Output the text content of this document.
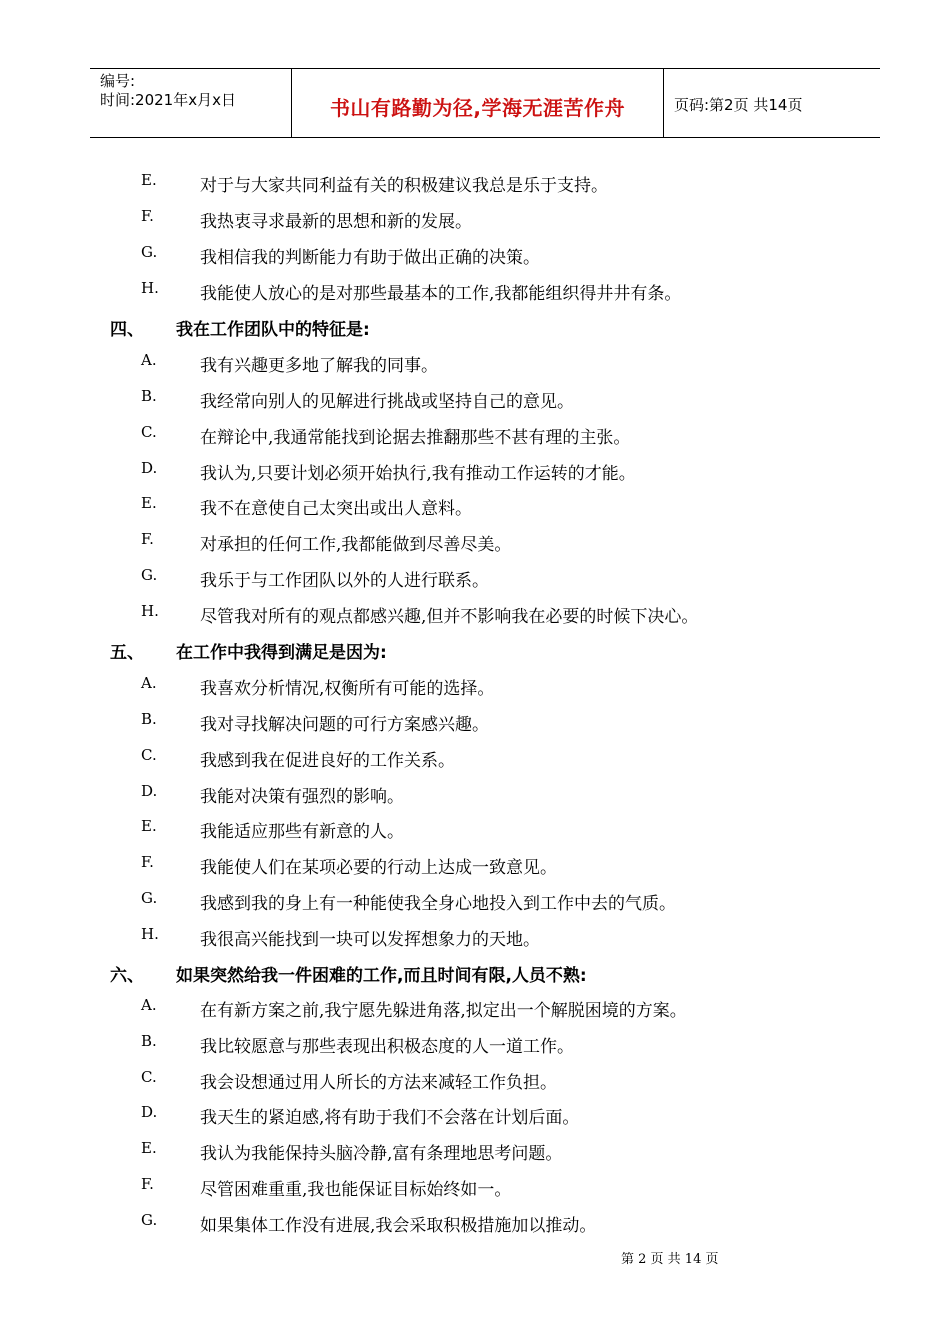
编号:
时间:2021年x月x日	书山有路勤为径,学海无涯苦作舟	页码:第2页 共14页
E.	对于与大家共同利益有关的积极建议我总是乐于支持。
F.	我热衷寻求最新的思想和新的发展。
G.	我相信我的判断能力有助于做出正确的决策。
H. 我能使人放心的是对那些最基本的工作,我都能组织得井井有条。
四、 我在工作团队中的特征是:
A.	我有兴趣更多地了解我的同事。
B.	我经常向别人的见解进行挑战或坚持自己的意见。
C.	在辩论中,我通常能找到论据去推翻那些不甚有理的主张。
D.	我认为,只要计划必须开始执行,我有推动工作运转的才能。
E.	我不在意使自己太突出或出人意料。
F.	对承担的任何工作,我都能做到尽善尽美。
G.	我乐于与工作团队以外的人进行联系。
H. 尽管我对所有的观点都感兴趣,但并不影响我在必要的时候下决心。
五、 在工作中我得到满足是因为:
A.	我喜欢分析情况,权衡所有可能的选择。
B.	我对寻找解决问题的可行方案感兴趣。
C.	我感到我在促进良好的工作关系。
D.	我能对决策有强烈的影响。
E.	我能适应那些有新意的人。
F.	我能使人们在某项必要的行动上达成一致意见。
G.	我感到我的身上有一种能使我全身心地投入到工作中去的气质。
H. 我很高兴能找到一块可以发挥想象力的天地。
六、 如果突然给我一件困难的工作,而且时间有限,人员不熟:
A.	在有新方案之前,我宁愿先躲进角落,拟定出一个解脱困境的方案。
B.	我比较愿意与那些表现出积极态度的人一道工作。
C.	我会设想通过用人所长的方法来减轻工作负担。
D.	我天生的紧迫感,将有助于我们不会落在计划后面。
E.	我认为我能保持头脑冷静,富有条理地思考问题。
F.	尽管困难重重,我也能保证目标始终如一。
G.	如果集体工作没有进展,我会采取积极措施加以推动。
第 2 页 共 14 页
